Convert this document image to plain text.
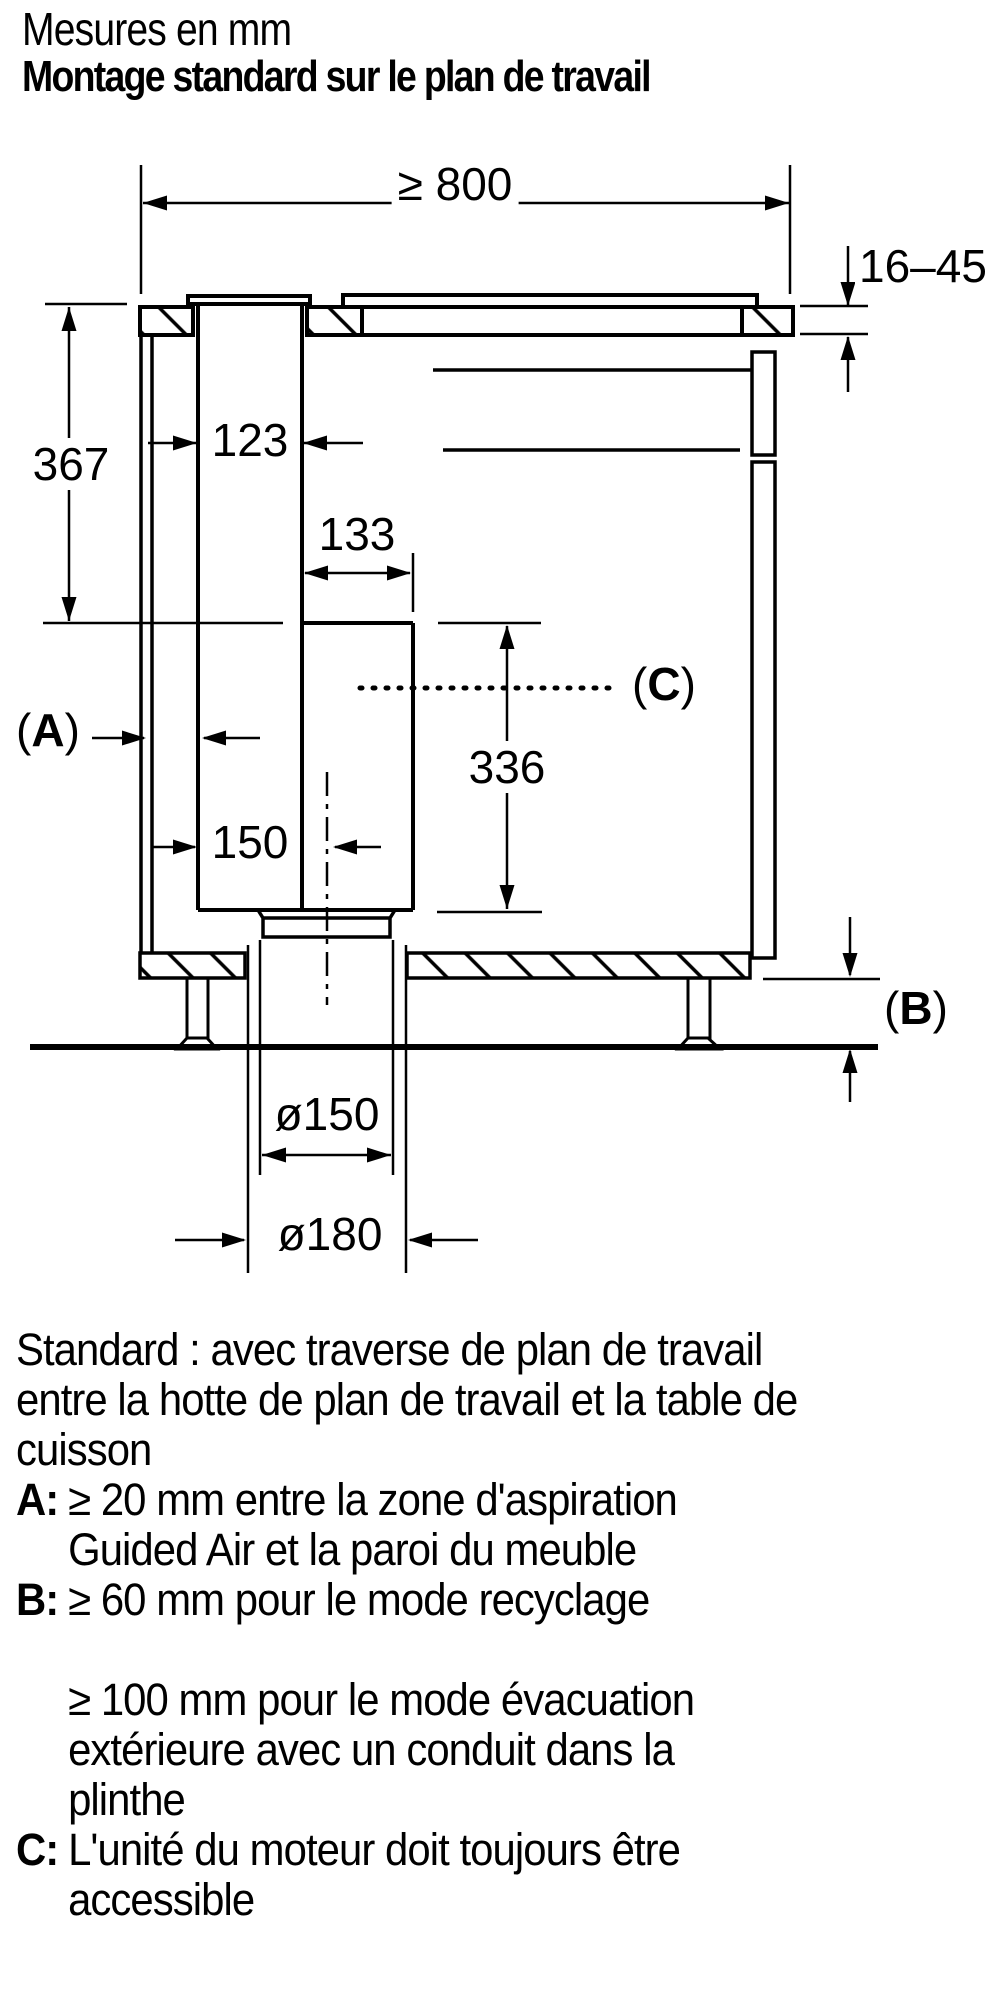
Mesures en mm
Montage standard sur le plan de travail
≥ 800
16–45
367 123
133
(C)
336
(A)
150
(B)
ø150
ø180
Standard : avec traverse de plan de travail
entre la hotte de plan de travail et la table de
cuisson
A: ≥ 20 mm entre la zone d'aspiration
Guided Air et la paroi du meuble
B: ≥ 60 mm pour le mode recyclage
≥ 100 mm pour le mode évacuation
extérieure avec un conduit dans la
plinthe
C: L'unité du moteur doit toujours être
accessible
